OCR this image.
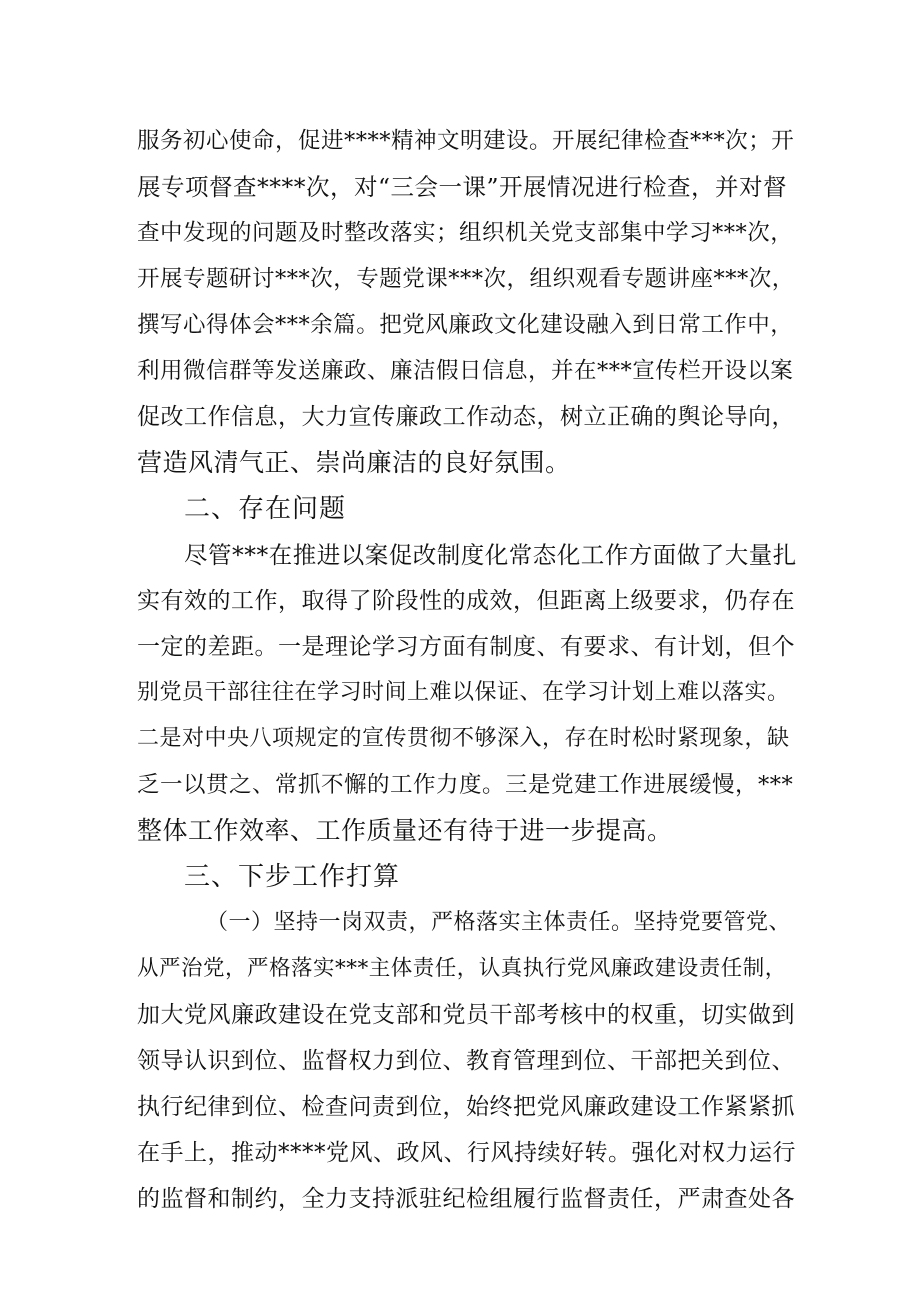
服务初心使命，促进****精神文明建设。开展纪律检查***次；开
展专项督查****次，对“三会一课”开展情况进行检查，并对督
查中发现的问题及时整改落实；组织机关党支部集中学习***次，
开展专题研讨***次，专题党课***次，组织观看专题讲座***次，
撰写心得体会***余篇。把党风廉政文化建设融入到日常工作中，
利用微信群等发送廉政、廉洁假日信息，并在***宣传栏开设以案
促改工作信息，大力宣传廉政工作动态，树立正确的舆论导向，
营造风清气正、崇尚廉洁的良好氛围。
二、存在问题
尽管***在推进以案促改制度化常态化工作方面做了大量扎
实有效的工作，取得了阶段性的成效，但距离上级要求，仍存在
一定的差距。一是理论学习方面有制度、有要求、有计划，但个
别党员干部往往在学习时间上难以保证、在学习计划上难以落实。
二是对中央八项规定的宣传贯彻不够深入，存在时松时紧现象，缺
乏一以贯之、常抓不懈的工作力度。三是党建工作进展缓慢，***
整体工作效率、工作质量还有待于进一步提高。
三、下步工作打算
（一）坚持一岗双责，严格落实主体责任。坚持党要管党、
从严治党，严格落实***主体责任，认真执行党风廉政建设责任制，
加大党风廉政建设在党支部和党员干部考核中的权重，切实做到
领导认识到位、监督权力到位、教育管理到位、干部把关到位、
执行纪律到位、检查问责到位，始终把党风廉政建设工作紧紧抓
在手上，推动****党风、政风、行风持续好转。强化对权力运行
的监督和制约，全力支持派驻纪检组履行监督责任，严肃查处各
